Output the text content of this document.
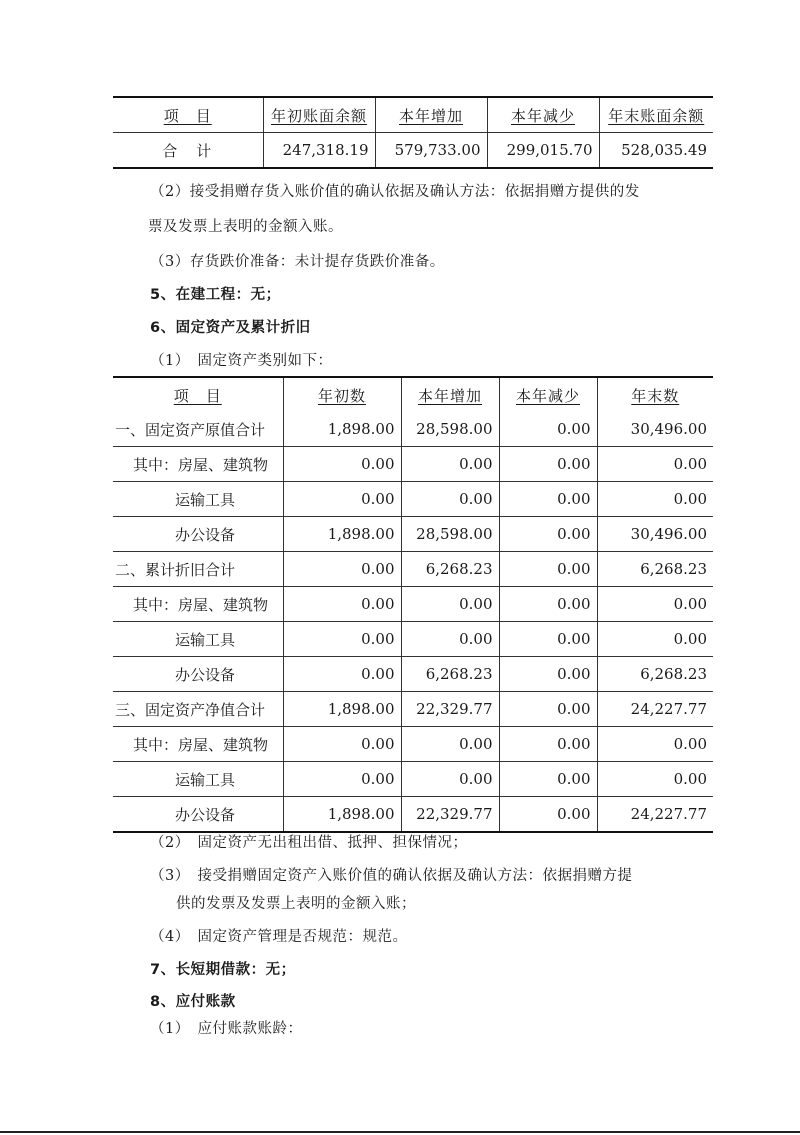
项　目	年初账面余额	本年增加	本年减少	年末账面余额
合　计	247,318.19	579,733.00	299,015.70	528,035.49
（2）接受捐赠存货入账价值的确认依据及确认方法：依据捐赠方提供的发
票及发票上表明的金额入账。
（3）存货跌价准备：未计提存货跌价准备。
5、在建工程：无；
6、固定资产及累计折旧
（1）　固定资产类别如下：
项　目	年初数	本年增加	本年减少	年末数
一、固定资产原值合计	1,898.00	28,598.00	0.00	30,496.00
其中：房屋、建筑物	0.00	0.00	0.00	0.00
运输工具	0.00	0.00	0.00	0.00
办公设备	1,898.00	28,598.00	0.00	30,496.00
二、累计折旧合计	0.00	6,268.23	0.00	6,268.23
其中：房屋、建筑物	0.00	0.00	0.00	0.00
运输工具	0.00	0.00	0.00	0.00
办公设备	0.00	6,268.23	0.00	6,268.23
三、固定资产净值合计	1,898.00	22,329.77	0.00	24,227.77
其中：房屋、建筑物	0.00	0.00	0.00	0.00
运输工具	0.00	0.00	0.00	0.00
办公设备	1,898.00	22,329.77	0.00	24,227.77
（2）　固定资产无出租出借、抵押、担保情况；
（3）　接受捐赠固定资产入账价值的确认依据及确认方法：依据捐赠方提
供的发票及发票上表明的金额入账；
（4）　固定资产管理是否规范：规范。
7、长短期借款：无；
8、应付账款
（1）　应付账款账龄：
